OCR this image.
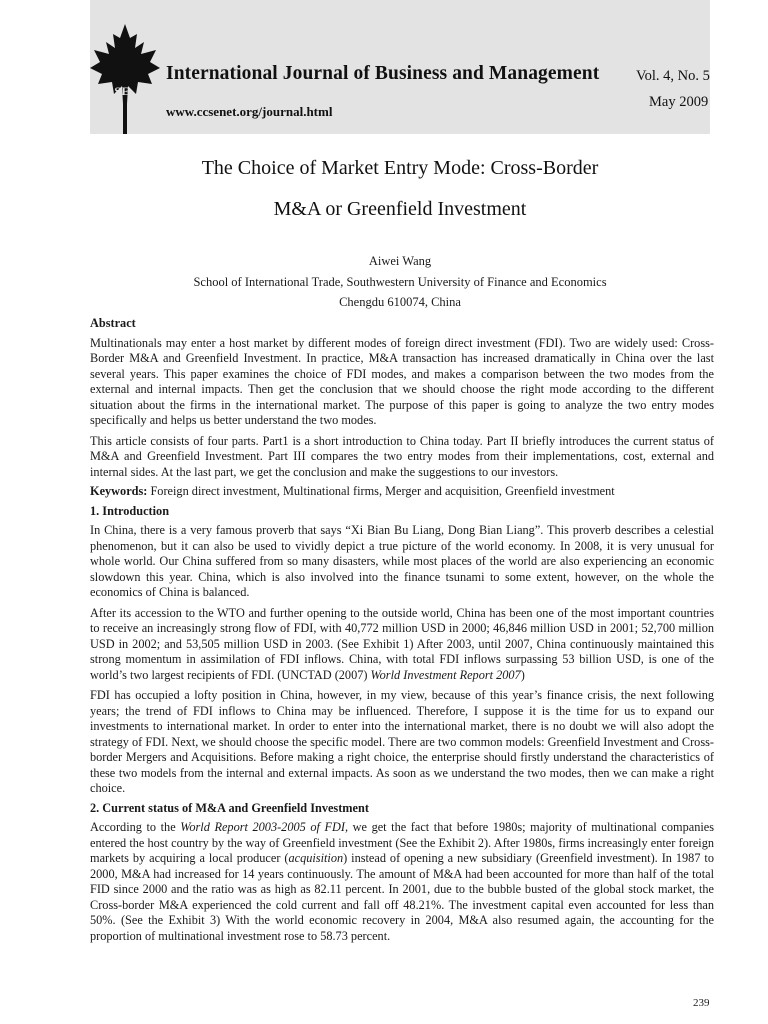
CCSE
International Journal of Business and Management
www.ccsenet.org/journal.html
Vol. 4, No. 5
May 2009
The Choice of Market Entry Mode: Cross-Border
M&A or Greenfield Investment
Aiwei Wang
School of International Trade, Southwestern University of Finance and Economics
Chengdu 610074, China
Abstract

Multinationals may enter a host market by different modes of foreign direct investment (FDI). Two are widely used: Cross-Border M&A and Greenfield Investment. In practice, M&A transaction has increased dramatically in China over the last several years. This paper examines the choice of FDI modes, and makes a comparison between the two modes from the external and internal impacts. Then get the conclusion that we should choose the right mode according to the different situation about the firms in the international market. The purpose of this paper is going to analyze the two entry modes specifically and helps us better understand the two modes.

This article consists of four parts. Part1 is a short introduction to China today. Part II briefly introduces the current status of M&A and Greenfield Investment. Part III compares the two entry modes from their implementations, cost, external and internal sides. At the last part, we get the conclusion and make the suggestions to our investors.

Keywords: Foreign direct investment, Multinational firms, Merger and acquisition, Greenfield investment

1. Introduction

In China, there is a very famous proverb that says “Xi Bian Bu Liang, Dong Bian Liang”. This proverb describes a celestial phenomenon, but it can also be used to vividly depict a true picture of the world economy. In 2008, it is very unusual for whole world. Our China suffered from so many disasters, while most places of the world are also experiencing an economic slowdown this year. China, which is also involved into the finance tsunami to some extent, however, on the whole the economics of China is balanced.

After its accession to the WTO and further opening to the outside world, China has been one of the most important countries to receive an increasingly strong flow of FDI, with 40,772 million USD in 2000; 46,846 million USD in 2001; 52,700 million USD in 2002; and 53,505 million USD in 2003. (See Exhibit 1) After 2003, until 2007, China continuously maintained this strong momentum in assimilation of FDI inflows. China, with total FDI inflows surpassing 53 billion USD, is one of the world’s two largest recipients of FDI. (UNCTAD (2007) World Investment Report 2007)

FDI has occupied a lofty position in China, however, in my view, because of this year’s finance crisis, the next following years; the trend of FDI inflows to China may be influenced. Therefore, I suppose it is the time for us to expand our investments to international market. In order to enter into the international market, there is no doubt we will also adopt the strategy of FDI. Next, we should choose the specific model. There are two common models: Greenfield Investment and Cross-border Mergers and Acquisitions. Before making a right choice, the enterprise should firstly understand the characteristics of these two models from the internal and external impacts. As soon as we understand the two modes, then we can make a right choice.

2. Current status of M&A and Greenfield Investment

According to the World Report 2003-2005 of FDI, we get the fact that before 1980s; majority of multinational companies entered the host country by the way of Greenfield investment (See the Exhibit 2). After 1980s, firms increasingly enter foreign markets by acquiring a local producer (acquisition) instead of opening a new subsidiary (Greenfield investment). In 1987 to 2000, M&A had increased for 14 years continuously. The amount of M&A had been accounted for more than half of the total FID since 2000 and the ratio was as high as 82.11 percent. In 2001, due to the bubble busted of the global stock market, the Cross-border M&A experienced the cold current and fall off 48.21%. The investment capital even accounted for less than 50%. (See the Exhibit 3) With the world economic recovery in 2004, M&A also resumed again, the accounting for the proportion of multinational investment rose to 58.73 percent.

239
